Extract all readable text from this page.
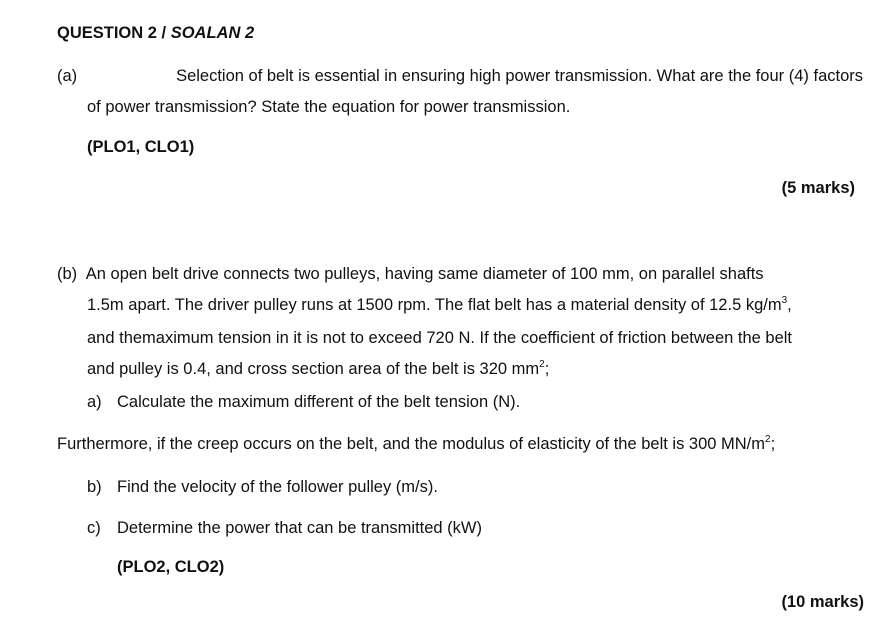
QUESTION 2 / SOALAN 2
(a)	Selection of belt is essential in ensuring high power transmission. What are the four (4) factors
of power transmission? State the equation for power transmission.
(PLO1, CLO1)
(5 marks)
(b) An open belt drive connects two pulleys, having same diameter of 100 mm, on parallel shafts
1.5m apart. The driver pulley runs at 1500 rpm. The flat belt has a material density of 12.5 $kg/m^3$,
and themaximum tension in it is not to exceed 720 N. If the coefficient of friction between the belt
and pulley is 0.4, and cross section area of the belt is 320 $mm^2$;
a) Calculate the maximum different of the belt tension (N).
Furthermore, if the creep occurs on the belt, and the modulus of elasticity of the belt is 300 $MN/m^2$;
b) Find the velocity of the follower pulley (m/s).
c) Determine the power that can be transmitted (kW)
(PLO2, CLO2)
(10 marks)
